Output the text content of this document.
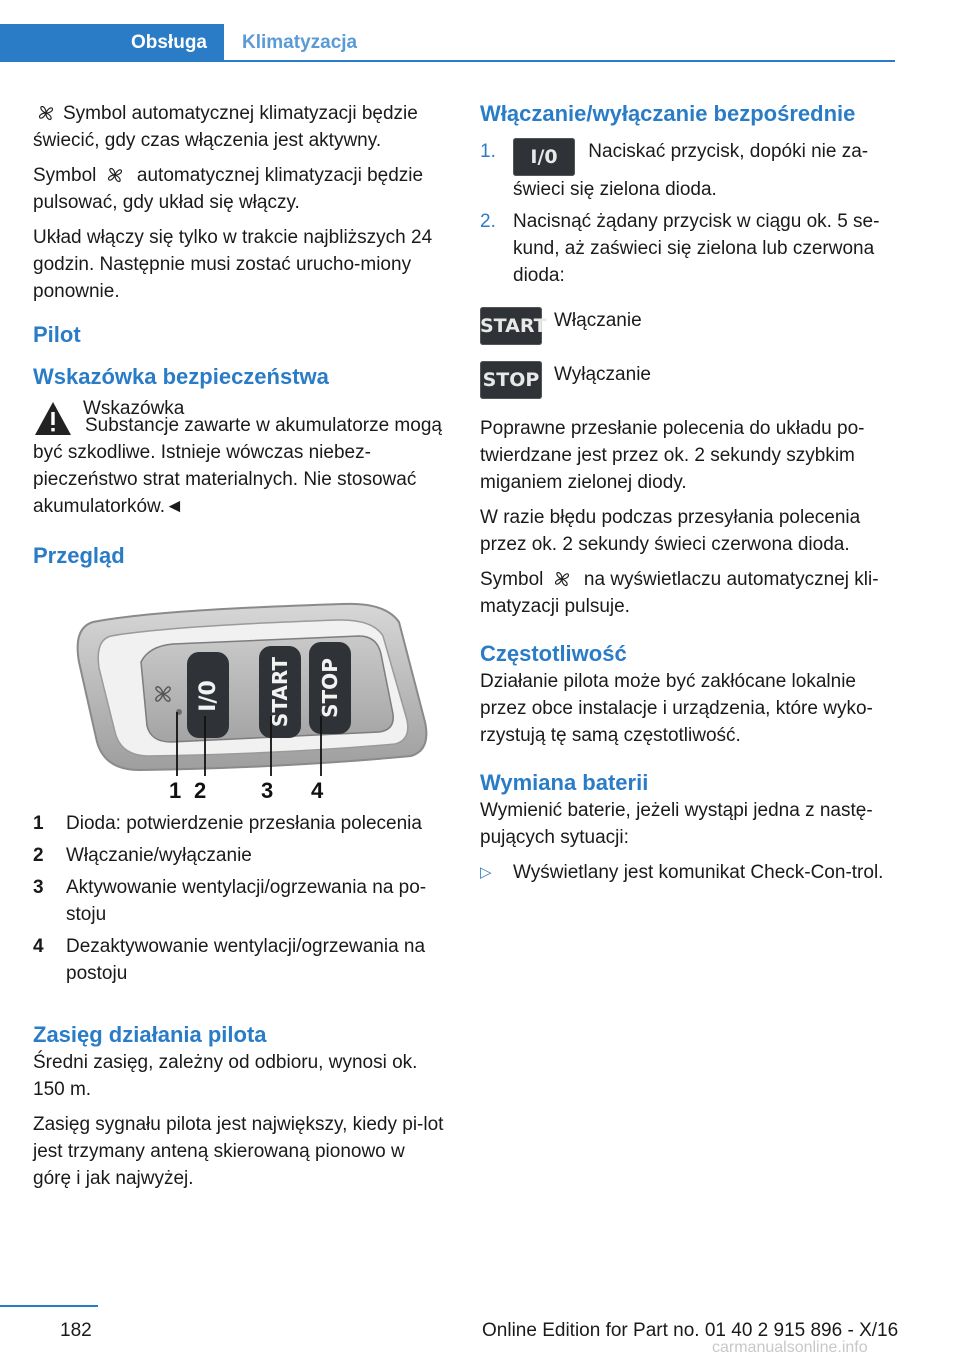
Obsługa	Klimatyzacja

Symbol automatycznej klimatyzacji będzie świecić, gdy czas włączenia jest aktywny.

Symbol automatycznej klimatyzacji będzie pulsować, gdy układ się włączy.

Układ włączy się tylko w trakcie najbliższych 24 godzin. Następnie musi zostać urucho‐miony ponownie.

Pilot
Wskazówka bezpieczeństwa
Wskazówka

Substancje zawarte w akumulatorze mogą być szkodliwe. Istnieje wówczas niebez‐pieczeństwo strat materialnych. Nie stosować akumulatorków.◄

Przegląd
I/0 START STOP
1 2 3 4
1	Dioda: potwierdzenie przesłania polecenia
2	Włączanie/wyłączanie
3	Aktywowanie wentylacji/ogrzewania na po‐stoju
4	Dezaktywowanie wentylacji/ogrzewania na postoju
Zasięg działania pilota

Średni zasięg, zależny od odbioru, wynosi ok. 150 m.

Zasięg sygnału pilota jest największy, kiedy pi‐lot jest trzymany anteną skierowaną pionowo w górę i jak najwyżej.

Włączanie/wyłączanie bezpośrednie
1.	I/0 Naciskać przycisk, dopóki nie za‐świeci się zielona dioda.
2. Nacisnąć żądany przycisk w ciągu ok. 5 se‐kund, aż zaświeci się zielona lub czerwona dioda:
START Włączanie
STOP Wyłączanie

Poprawne przesłanie polecenia do układu po‐twierdzane jest przez ok. 2 sekundy szybkim miganiem zielonej diody.

W razie błędu podczas przesyłania polecenia przez ok. 2 sekundy świeci czerwona dioda.

Symbol na wyświetlaczu automatycznej kli‐matyzacji pulsuje.

Częstotliwość

Działanie pilota może być zakłócane lokalnie przez obce instalacje i urządzenia, które wyko‐rzystują tę samą częstotliwość.

Wymiana baterii

Wymienić baterie, jeżeli wystąpi jedna z nastę‐pujących sytuacji:

▷	Wyświetlany jest komunikat Check-Con‐trol.
182	Online Edition for Part no. 01 40 2 915 896 - X/16
carmanualsonline.info
